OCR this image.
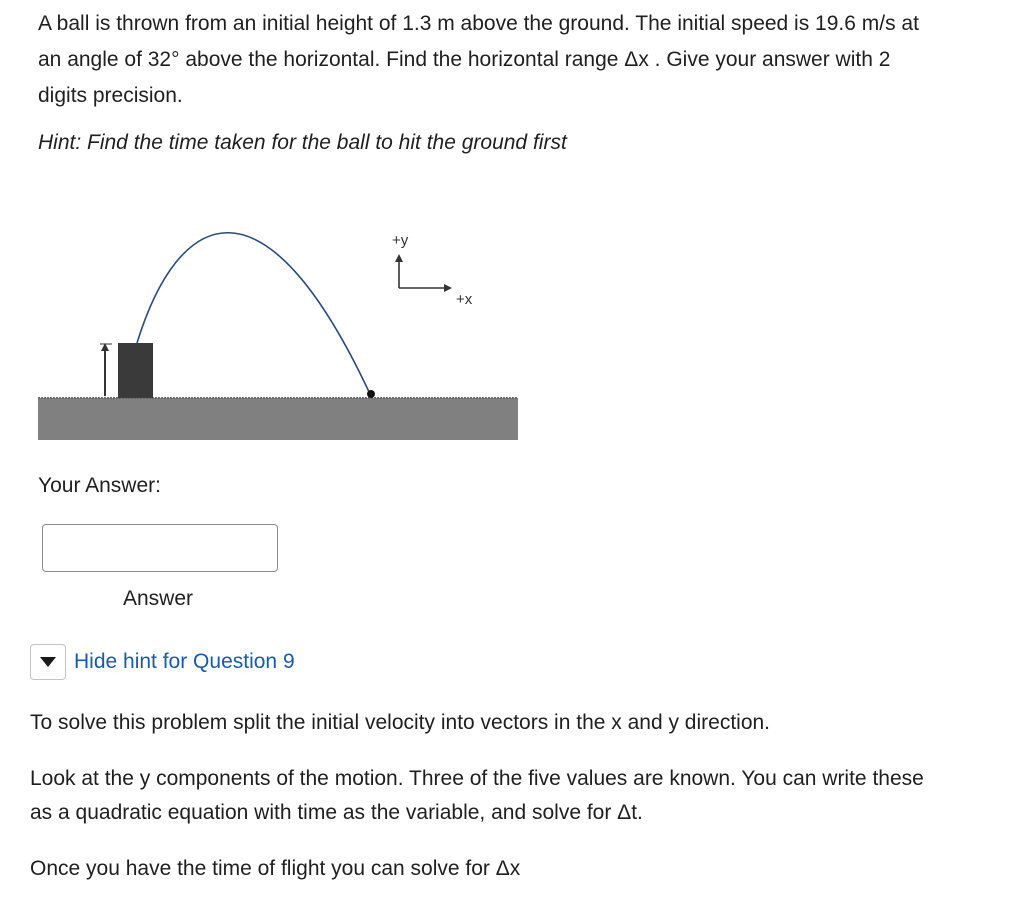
A ball is thrown from an initial height of 1.3 m above the ground. The initial speed is 19.6 m/s at an angle of 32° above the horizontal. Find the horizontal range Δx . Give your answer with 2 digits precision.

Hint: Find the time taken for the ball to hit the ground first

+y
+x

Your Answer:

Answer

Hide hint for Question 9

To solve this problem split the initial velocity into vectors in the x and y direction.

Look at the y components of the motion. Three of the five values are known. You can write these as a quadratic equation with time as the variable, and solve for Δt.

Once you have the time of flight you can solve for Δx
